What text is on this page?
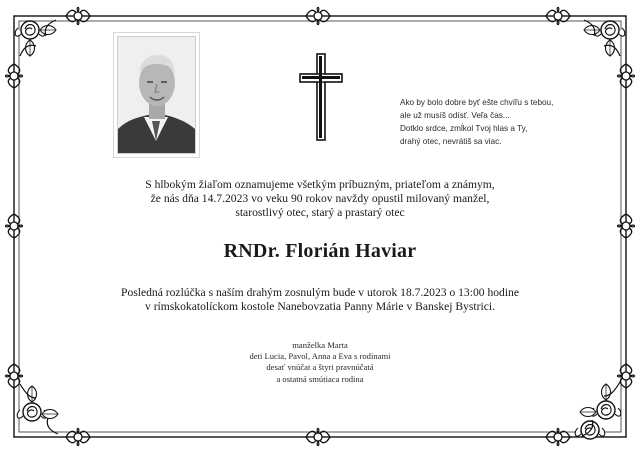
Ako by bolo dobre byť ešte chvíľu s tebou,
ale už musíš odísť. Veľa čas...
Dotklo srdce, zmĺkol Tvoj hlas a Ty,
drahý otec, nevrátiš sa viac.
S hlbokým žiaľom oznamujeme všetkým príbuzným, priateľom a známym,
že nás dňa 14.7.2023 vo veku 90 rokov navždy opustil milovaný manžel,
starostlivý otec, starý a prastarý otec
RNDr. Florián Haviar
Posledná rozlúčka s naším drahým zosnulým bude v utorok 18.7.2023 o 13:00 hodine
v rímskokatolíckom kostole Nanebovzatia Panny Márie v Banskej Bystrici.
manželka Marta
deti Lucia, Pavol, Anna a Eva s rodinami
desať vnúčat a štyri pravnúčatá
a ostatná smútiaca rodina
